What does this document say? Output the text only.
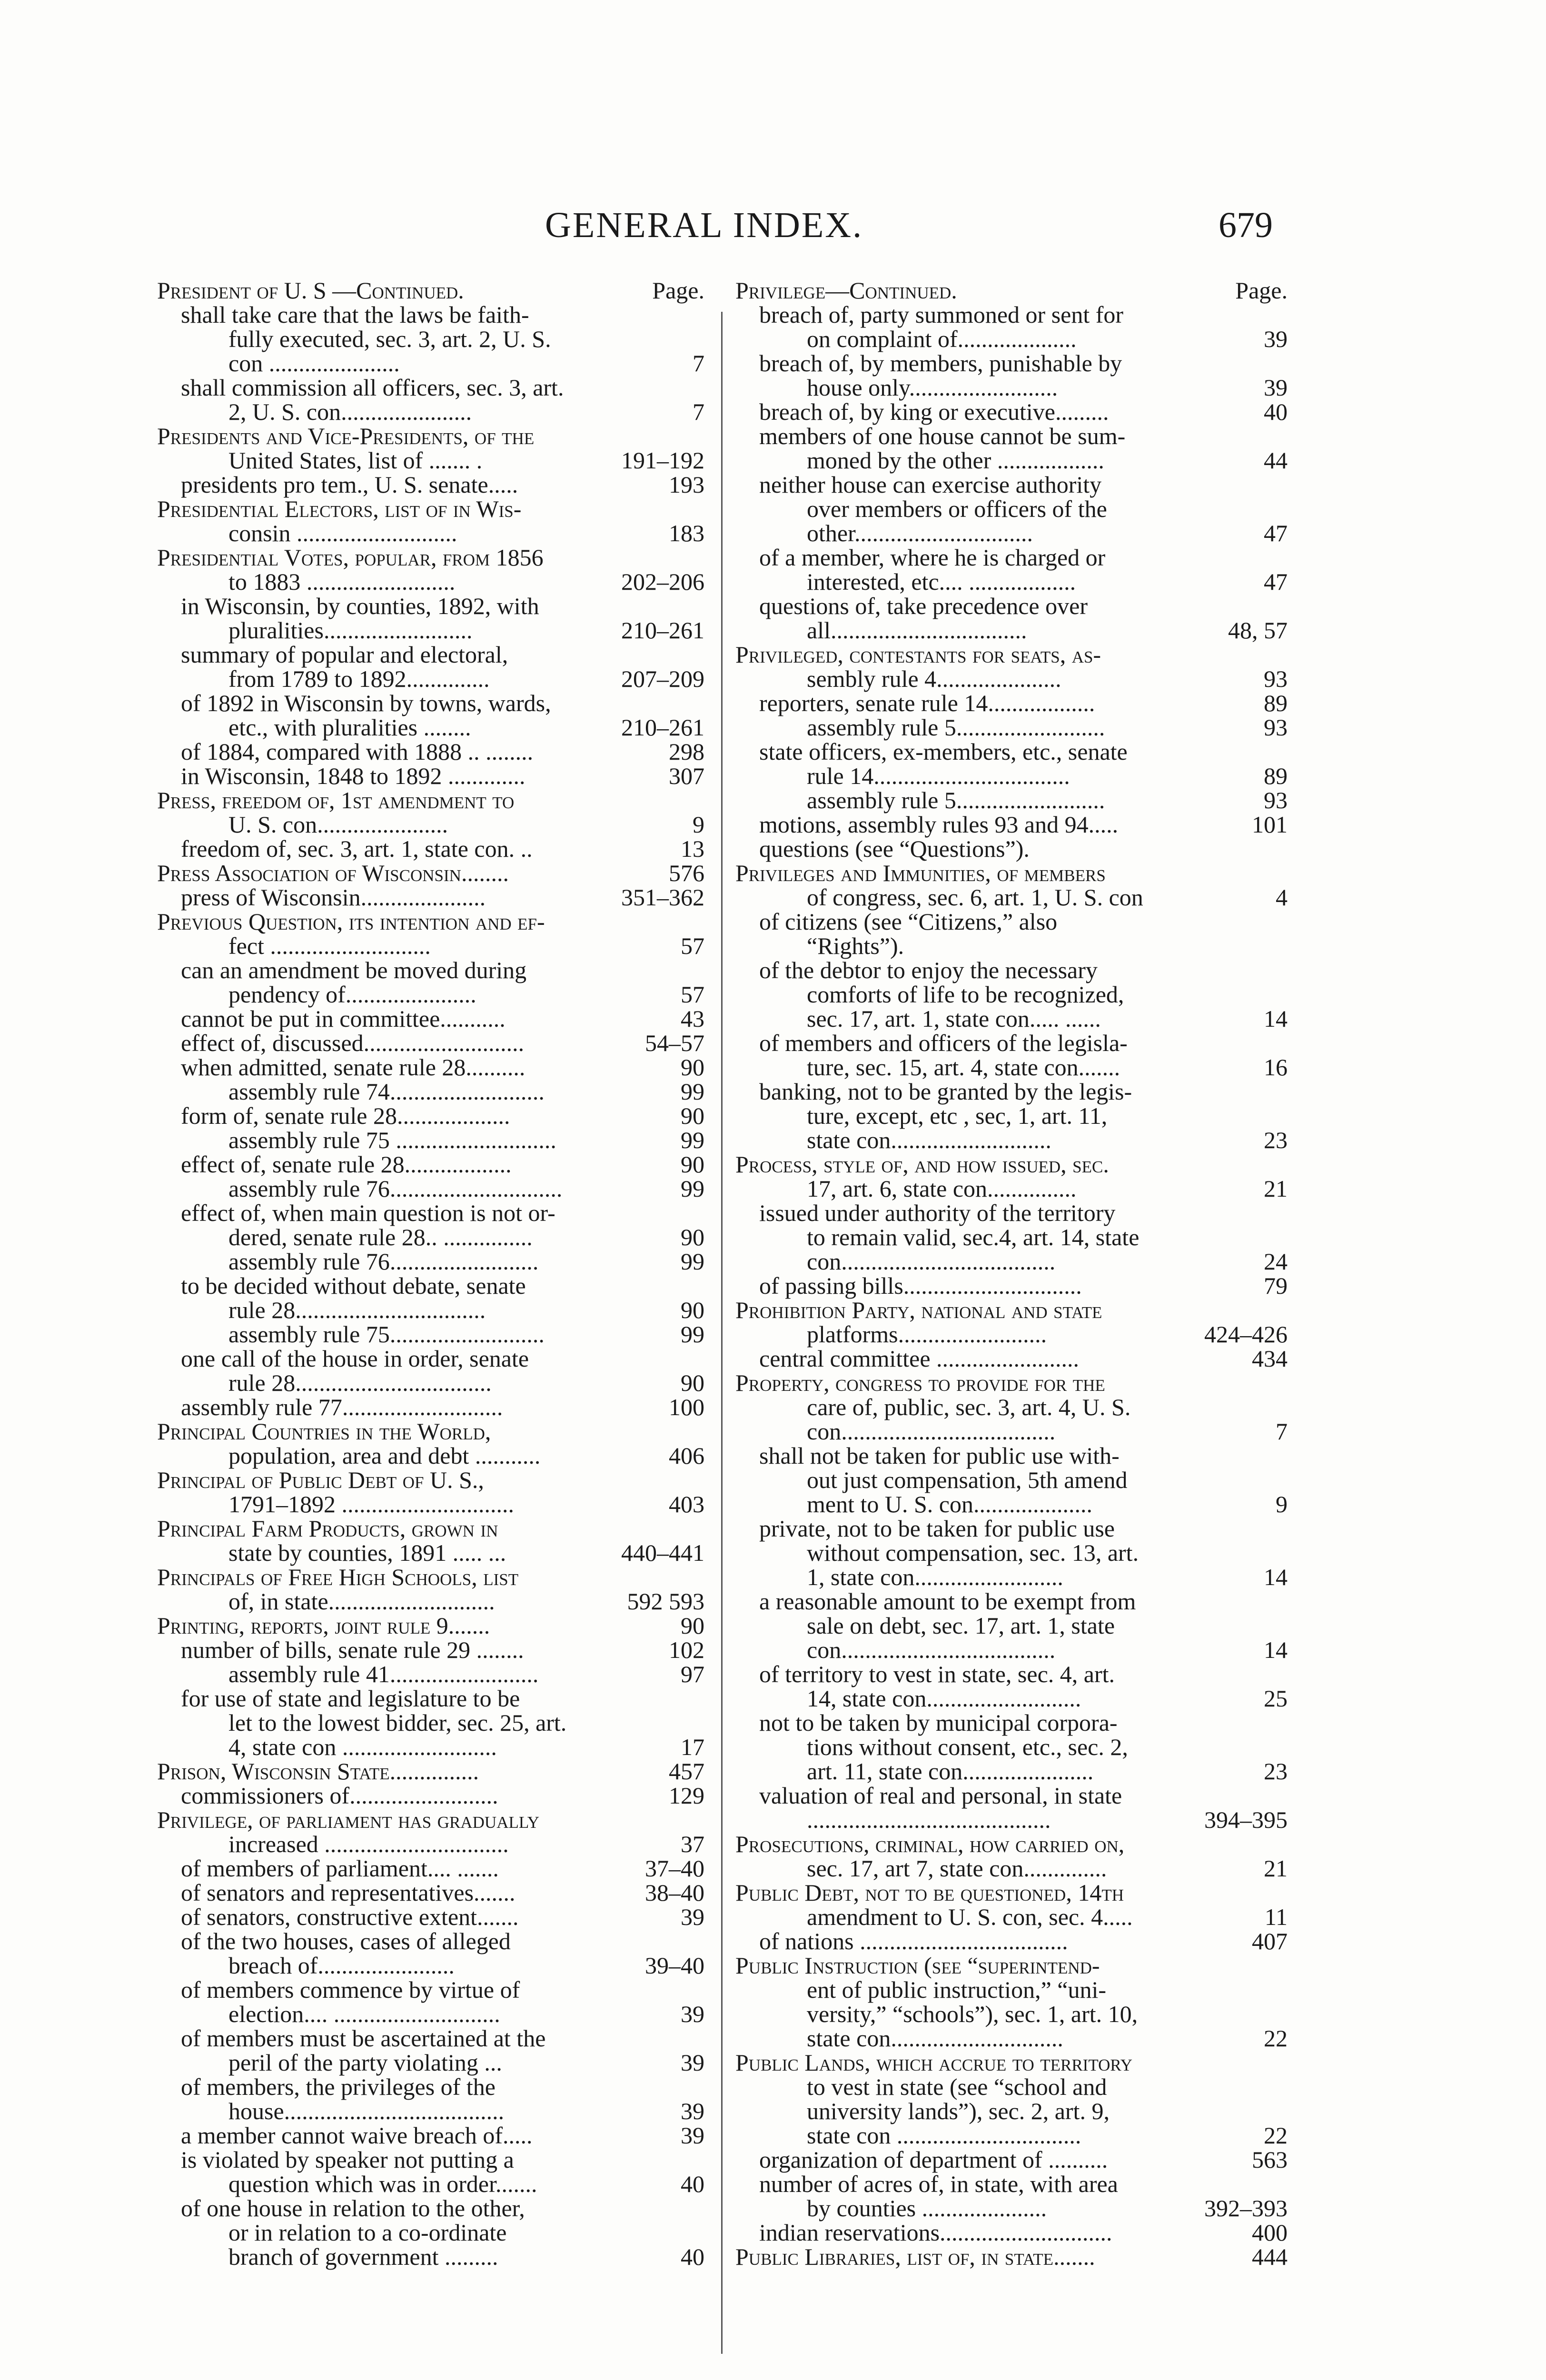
GENERAL INDEX.	679
President of U. S —Continued.	Page.
shall take care that the laws be faith-
fully executed, sec. 3, art. 2, U. S.
con ......................	7
shall commission all officers, sec. 3, art.
2, U. S. con......................	7
Presidents and Vice-Presidents, of the
United States, list of ....... .	191–192
presidents pro tem., U. S. senate.....	193
Presidential Electors, list of in Wis-
consin ...........................	183
Presidential Votes, popular, from 1856
to 1883 .........................	202–206
in Wisconsin, by counties, 1892, with
pluralities.........................	210–261
summary of popular and electoral,
from 1789 to 1892..............	207–209
of 1892 in Wisconsin by towns, wards,
etc., with pluralities ........	210–261
of 1884, compared with 1888 .. ........	298
in Wisconsin, 1848 to 1892 .............	307
Press, freedom of, 1st amendment to
U. S. con......................	9
freedom of, sec. 3, art. 1, state con. ..	13
Press Association of Wisconsin........	576
press of Wisconsin.....................	351–362
Previous Question, its intention and ef-
fect ...........................	57
can an amendment be moved during
pendency of......................	57
cannot be put in committee...........	43
effect of, discussed...........................	54–57
when admitted, senate rule 28..........	90
assembly rule 74..........................	99
form of, senate rule 28...................	90
assembly rule 75 ...........................	99
effect of, senate rule 28..................	90
assembly rule 76.............................	99
effect of, when main question is not or-
dered, senate rule 28.. ...............	90
assembly rule 76.........................	99
to be decided without debate, senate
rule 28................................	90
assembly rule 75..........................	99
one call of the house in order, senate
rule 28.................................	90
assembly rule 77...........................	100
Principal Countries in the World,
population, area and debt ...........	406
Principal of Public Debt of U. S.,
1791–1892 .............................	403
Principal Farm Products, grown in
state by counties, 1891 ..... ...	440–441
Principals of Free High Schools, list
of, in state............................	592 593
Printing, reports, joint rule 9.......	90
number of bills, senate rule 29 ........	102
assembly rule 41.........................	97
for use of state and legislature to be
let to the lowest bidder, sec. 25, art.
4, state con ..........................	17
Prison, Wisconsin State...............	457
commissioners of.........................	129
Privilege, of parliament has gradually
increased ...............................	37
of members of parliament.... .......	37–40
of senators and representatives.......	38–40
of senators, constructive extent.......	39
of the two houses, cases of alleged
breach of.......................	39–40
of members commence by virtue of
election.... ............................	39
of members must be ascertained at the
peril of the party violating ...	39
of members, the privileges of the
house.....................................	39
a member cannot waive breach of.....	39
is violated by speaker not putting a
question which was in order.......	40
of one house in relation to the other,
or in relation to a co-ordinate
branch of government .........	40
Privilege—Continued.	Page.
breach of, party summoned or sent for
on complaint of....................	39
breach of, by members, punishable by
house only.........................	39
breach of, by king or executive.........	40
members of one house cannot be sum-
moned by the other ..................	44
neither house can exercise authority
over members or officers of the
other..............................	47
of a member, where he is charged or
interested, etc.... ..................	47
questions of, take precedence over
all.................................	48, 57
Privileged, contestants for seats, as-
sembly rule 4.....................	93
reporters, senate rule 14..................	89
assembly rule 5.........................	93
state officers, ex-members, etc., senate
rule 14.................................	89
assembly rule 5.........................	93
motions, assembly rules 93 and 94.....	101
questions (see “Questions”).
Privileges and Immunities, of members
of congress, sec. 6, art. 1, U. S. con	4
of citizens (see “Citizens,” also
“Rights”).
of the debtor to enjoy the necessary
comforts of life to be recognized,
sec. 17, art. 1, state con..... ......	14
of members and officers of the legisla-
ture, sec. 15, art. 4, state con.......	16
banking, not to be granted by the legis-
ture, except, etc , sec, 1, art. 11,
state con...........................	23
Process, style of, and how issued, sec.
17, art. 6, state con...............	21
issued under authority of the territory
to remain valid, sec.4, art. 14, state
con....................................	24
of passing bills..............................	79
Prohibition Party, national and state
platforms.........................	424–426
central committee ........................	434
Property, congress to provide for the
care of, public, sec. 3, art. 4, U. S.
con....................................	7
shall not be taken for public use with-
out just compensation, 5th amend
ment to U. S. con....................	9
private, not to be taken for public use
without compensation, sec. 13, art.
1, state con.........................	14
a reasonable amount to be exempt from
sale on debt, sec. 17, art. 1, state
con....................................	14
of territory to vest in state, sec. 4, art.
14, state con..........................	25
not to be taken by municipal corpora-
tions without consent, etc., sec. 2,
art. 11, state con......................	23
valuation of real and personal, in state
.........................................	394–395
Prosecutions, criminal, how carried on,
sec. 17, art 7, state con..............	21
Public Debt, not to be questioned, 14th
amendment to U. S. con, sec. 4.....	11
of nations ...................................	407
Public Instruction (see “superintend-
ent of public instruction,” “uni-
versity,” “schools”), sec. 1, art. 10,
state con.............................	22
Public Lands, which accrue to territory
to vest in state (see “school and
university lands”), sec. 2, art. 9,
state con ...............................	22
organization of department of ..........	563
number of acres of, in state, with area
by counties .....................	392–393
indian reservations.............................	400
Public Libraries, list of, in state.......	444
